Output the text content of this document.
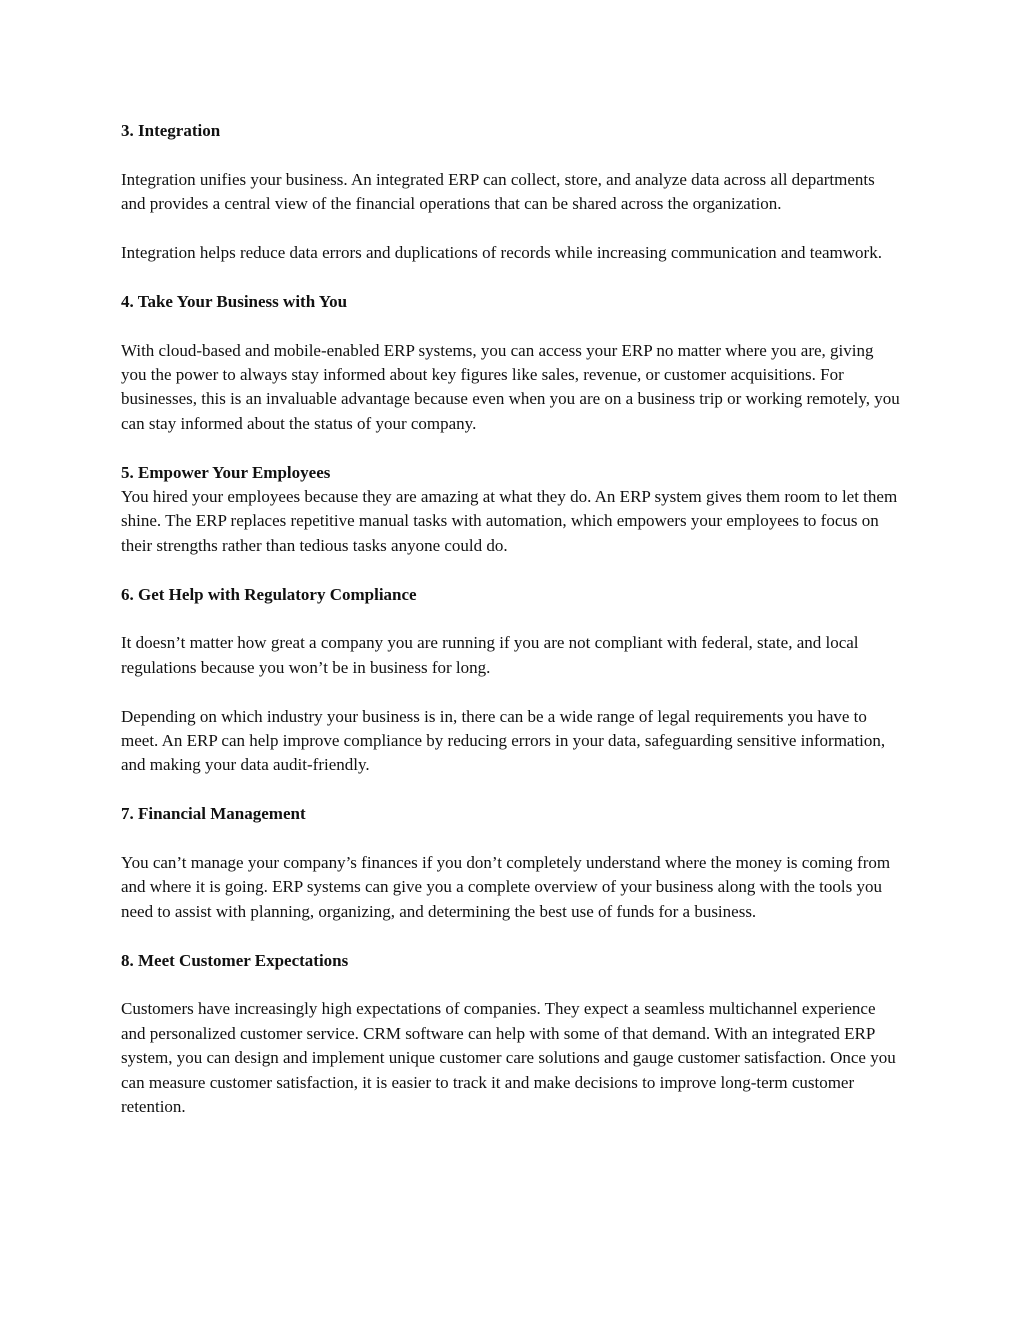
3. Integration

Integration unifies your business. An integrated ERP can collect, store, and analyze data across all departments and provides a central view of the financial operations that can be shared across the organization.

Integration helps reduce data errors and duplications of records while increasing communication and teamwork.

4. Take Your Business with You

With cloud-based and mobile-enabled ERP systems, you can access your ERP no matter where you are, giving you the power to always stay informed about key figures like sales, revenue, or customer acquisitions. For businesses, this is an invaluable advantage because even when you are on a business trip or working remotely, you can stay informed about the status of your company.

5. Empower Your Employees

You hired your employees because they are amazing at what they do. An ERP system gives them room to let them shine. The ERP replaces repetitive manual tasks with automation, which empowers your employees to focus on their strengths rather than tedious tasks anyone could do.

6. Get Help with Regulatory Compliance

It doesn’t matter how great a company you are running if you are not compliant with federal, state, and local regulations because you won’t be in business for long.

Depending on which industry your business is in, there can be a wide range of legal requirements you have to meet. An ERP can help improve compliance by reducing errors in your data, safeguarding sensitive information, and making your data audit-friendly.

7. Financial Management

You can’t manage your company’s finances if you don’t completely understand where the money is coming from and where it is going. ERP systems can give you a complete overview of your business along with the tools you need to assist with planning, organizing, and determining the best use of funds for a business.

8. Meet Customer Expectations

Customers have increasingly high expectations of companies. They expect a seamless multichannel experience and personalized customer service. CRM software can help with some of that demand. With an integrated ERP system, you can design and implement unique customer care solutions and gauge customer satisfaction. Once you can measure customer satisfaction, it is easier to track it and make decisions to improve long-term customer retention.
